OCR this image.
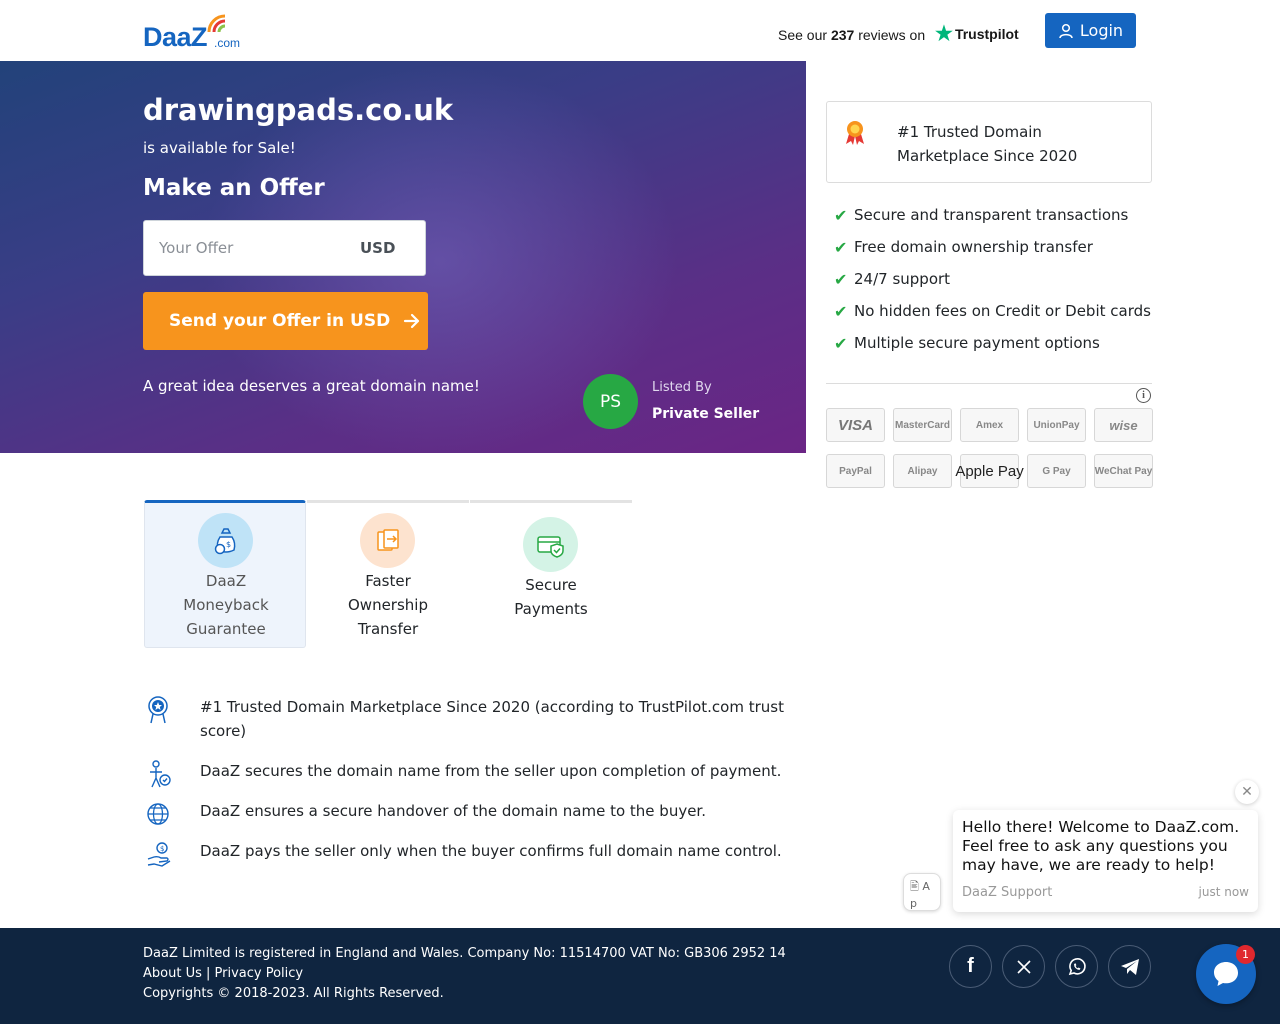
DaaZ .com	See our 237 reviews on ★ Trustpilot	Login
drawingpads.co.uk
is available for Sale!
Make an Offer
Your Offer
USD
Send your Offer in USD
A great idea deserves a great domain name!
PS
Listed By
Private Seller
#1 Trusted Domain Marketplace Since 2020
✔ Secure and transparent transactions
✔ Free domain ownership transfer
✔ 24/7 support
✔ No hidden fees on Credit or Debit cards
✔ Multiple secure payment options
i
VISA	MasterCard	Amex	UnionPay	wise
PayPal	Alipay	Apple Pay	G Pay	WeChat Pay
$
DaaZ
Moneyback
Guarantee
Faster
Ownership
Transfer
Secure
Payments
#1 Trusted Domain Marketplace Since 2020 (according to TrustPilot.com trust score)
DaaZ secures the domain name from the seller upon completion of payment.
DaaZ ensures a secure handover of the domain name to the buyer.
$ DaaZ pays the seller only when the buyer confirms full domain name control.
✕
Hello there! Welcome to DaaZ.com. Feel free to ask any questions you may have, we are ready to help!
DaaZ Support	just now
🖹 A p
DaaZ Limited is registered in England and Wales. Company No: 11514700 VAT No: GB306 2952 14
About Us | Privacy Policy
Copyrights © 2018-2023. All Rights Reserved.
f
1
